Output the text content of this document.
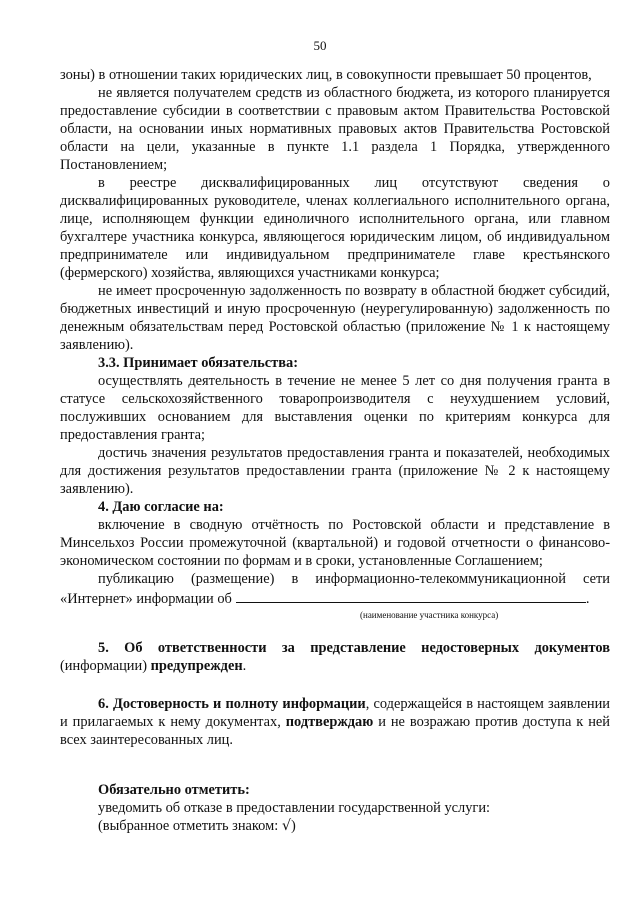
50

зоны) в отношении таких юридических лиц, в совокупности превышает 50 процентов,

не является получателем средств из областного бюджета, из которого планируется предоставление субсидии в соответствии с правовым актом Правительства Ростовской области, на основании иных нормативных правовых актов Правительства Ростовской области на цели, указанные в пункте 1.1 раздела 1 Порядка, утвержденного Постановлением;

в реестре дисквалифицированных лиц отсутствуют сведения о дисквалифицированных руководителе, членах коллегиального исполнительного органа, лице, исполняющем функции единоличного исполнительного органа, или главном бухгалтере участника конкурса, являющегося юридическим лицом, об индивидуальном предпринимателе или индивидуальном предпринимателе главе крестьянского (фермерского) хозяйства, являющихся участниками конкурса;

не имеет просроченную задолженность по возврату в областной бюджет субсидий, бюджетных инвестиций и иную просроченную (неурегулированную) задолженность по денежным обязательствам перед Ростовской областью (приложение № 1 к настоящему заявлению).

3.3. Принимает обязательства:

осуществлять деятельность в течение не менее 5 лет со дня получения гранта в статусе сельскохозяйственного товаропроизводителя с неухудшением условий, послуживших основанием для выставления оценки по критериям конкурса для предоставления гранта;

достичь значения результатов предоставления гранта и показателей, необходимых для достижения результатов предоставлении гранта (приложение № 2 к настоящему заявлению).

4. Даю согласие на:

включение в сводную отчётность по Ростовской области и представление в Минсельхоз России промежуточной (квартальной) и годовой отчетности о финансово-экономическом состоянии по формам и в сроки, установленные Соглашением;

публикацию (размещение) в информационно-телекоммуникационной сети «Интернет» информации об	.

(наименование участника конкурса)

5. Об ответственности за представление недостоверных документов (информации) предупрежден.

6. Достоверность и полноту информации, содержащейся в настоящем заявлении и прилагаемых к нему документах, подтверждаю и не возражаю против доступа к ней всех заинтересованных лиц.

Обязательно отметить:

уведомить об отказе в предоставлении государственной услуги:

(выбранное отметить знаком: √)
